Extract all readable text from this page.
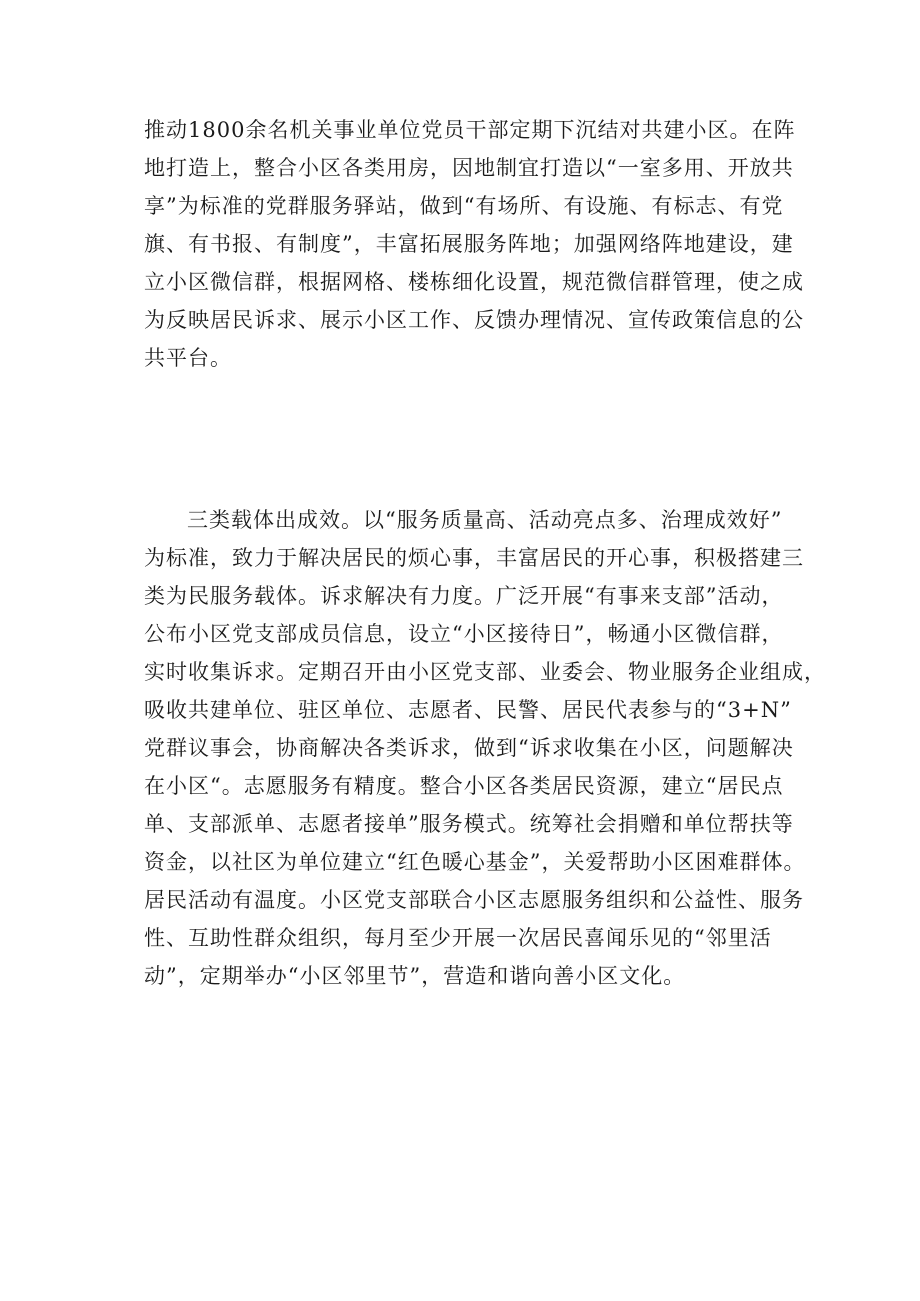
推动1800余名机关事业单位党员干部定期下沉结对共建小区。在阵
地打造上，整合小区各类用房，因地制宜打造以“一室多用、开放共
享”为标准的党群服务驿站，做到“有场所、有设施、有标志、有党
旗、有书报、有制度”，丰富拓展服务阵地；加强网络阵地建设，建
立小区微信群，根据网格、楼栋细化设置，规范微信群管理，使之成
为反映居民诉求、展示小区工作、反馈办理情况、宣传政策信息的公
共平台。
三类载体出成效。以“服务质量高、活动亮点多、治理成效好”
为标准，致力于解决居民的烦心事，丰富居民的开心事，积极搭建三
类为民服务载体。诉求解决有力度。广泛开展“有事来支部”活动，
公布小区党支部成员信息，设立“小区接待日”，畅通小区微信群，
实时收集诉求。定期召开由小区党支部、业委会、物业服务企业组成，
吸收共建单位、驻区单位、志愿者、民警、居民代表参与的“3+N”
党群议事会，协商解决各类诉求，做到“诉求收集在小区，问题解决
在小区“。志愿服务有精度。整合小区各类居民资源，建立“居民点
单、支部派单、志愿者接单”服务模式。统筹社会捐赠和单位帮扶等
资金，以社区为单位建立“红色暖心基金”，关爱帮助小区困难群体。
居民活动有温度。小区党支部联合小区志愿服务组织和公益性、服务
性、互助性群众组织，每月至少开展一次居民喜闻乐见的“邻里活
动”，定期举办“小区邻里节”，营造和谐向善小区文化。
